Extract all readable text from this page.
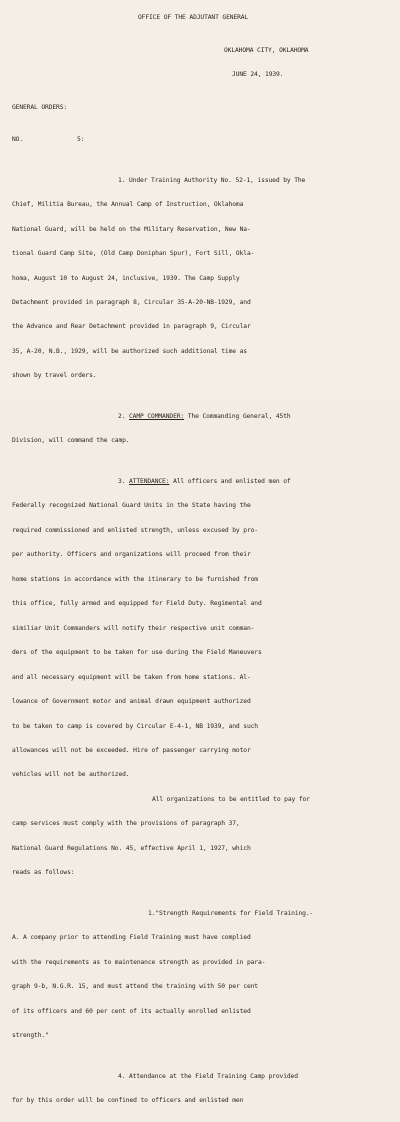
OFFICE OF THE ADJUTANT GENERAL

OKLAHOMA CITY, OKLAHOMA

JUNE 24, 1939.

GENERAL ORDERS:

NO.	5:

1. Under Training Authority No. 52-1, issued by The

Chief, Militia Bureau, the Annual Camp of Instruction, Oklahoma

National Guard, will be held on the Military Reservation, New Na-

tional Guard Camp Site, (Old Camp Doniphan Spur), Fort Sill, Okla-

homa, August 10 to August 24, inclusive, 1939. The Camp Supply

Detachment provided in paragraph 8, Circular 35-A-20-NB-1929, and

the Advance and Rear Detachment provided in paragraph 9, Circular

35, A-20, N.B., 1929, will be authorized such additional time as

shown by travel orders.

2. CAMP COMMANDER: The Commanding General, 45th

Division, will command the camp.

3. ATTENDANCE: All officers and enlisted men of

Federally recognized National Guard Units in the State having the

required commissioned and enlisted strength, unless excused by pro-

per authority. Officers and organizations will proceed from their

home stations in accordance with the itinerary to be furnished from

this office, fully armed and equipped for Field Duty. Regimental and

similiar Unit Commanders will notify their respective unit comman-

ders of the equipment to be taken for use during the Field Maneuvers

and all necessary equipment will be taken from home stations. Al-

lowance of Government motor and animal drawn equipment authorized

to be taken to camp is covered by Circular E-4-1, NB 1939, and such

allowances will not be exceeded. Hire of passenger carrying motor

vehicles will not be authorized.

All organizations to be entitled to pay for

camp services must comply with the provisions of paragraph 37,

National Guard Regulations No. 45, effective April 1, 1927, which

reads as follows:

1."Strength Requirements for Field Training.-

A. A company prior to attending Field Training must have complied

with the requirements as to maintenance strength as provided in para-

graph 9-b, N.G.R. 15, and must attend the training with 50 per cent

of its officers and 60 per cent of its actually enrolled enlisted

strength."

4. Attendance at the Field Training Camp provided

for by this order will be confined to officers and enlisted men
